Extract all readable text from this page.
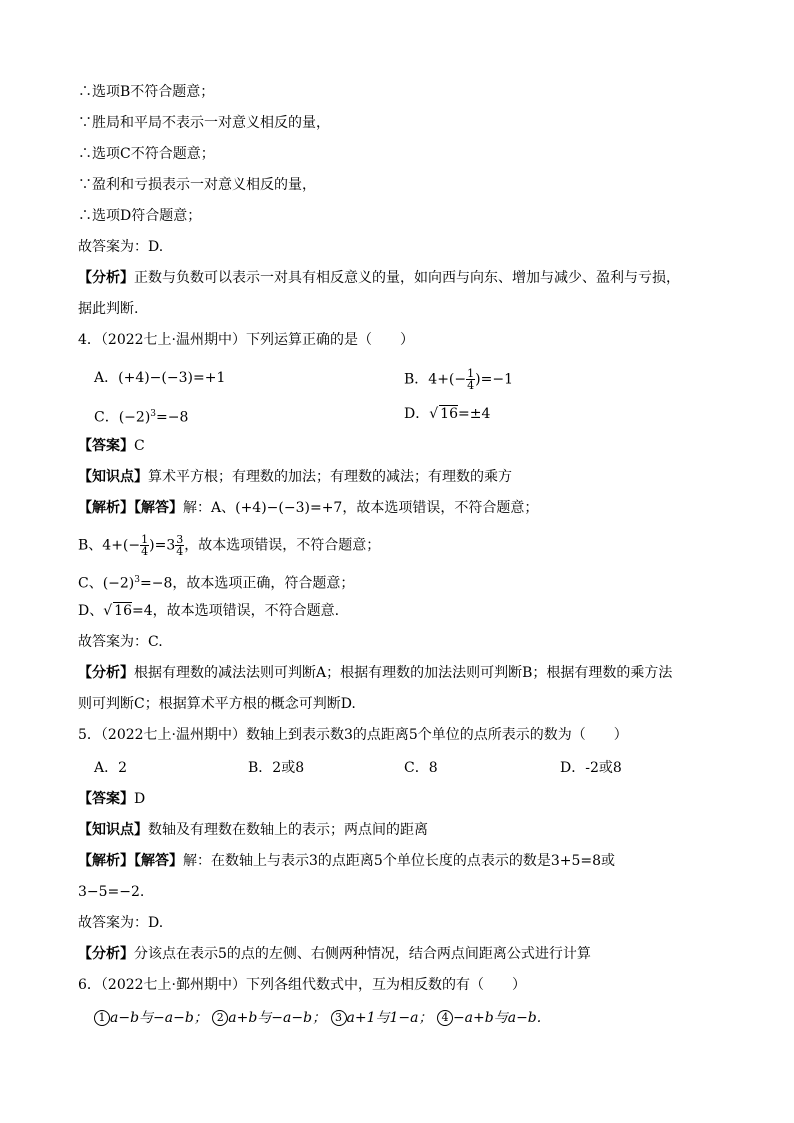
∴选项B不符合题意；
∵胜局和平局不表示一对意义相反的量，
∴选项C不符合题意；
∵盈利和亏损表示一对意义相反的量，
∴选项D符合题意；
故答案为：D.
【分析】正数与负数可以表示一对具有相反意义的量，如向西与向东、增加与减少、盈利与亏损，
据此判断.
4．（2022七上·温州期中）下列运算正确的是（　　）
A．(+4)−(−3)=+1	B．$4+(- \frac{1}{4} )=-1$
C．$(-2)^3=-8$	D．√ 16=±4
【答案】C
【知识点】算术平方根；有理数的加法；有理数的减法；有理数的乘方
【解析】【解答】解：A、(+4)−(−3)=+7，故本选项错误，不符合题意；
B、$4+(- \frac{1}{4} )=3 \frac{3}{4}$ ，故本选项错误，不符合题意；
C、$(-2)^3=-8$，故本选项正确，符合题意；
D、√ 16=4，故本选项错误，不符合题意.
故答案为：C.
【分析】根据有理数的减法法则可判断A；根据有理数的加法法则可判断B；根据有理数的乘方法
则可判断C；根据算术平方根的概念可判断D.
5．（2022七上·温州期中）数轴上到表示数3的点距离5个单位的点所表示的数为（　　）
A．2	B．2或8	C．8	D．-2或8
【答案】D
【知识点】数轴及有理数在数轴上的表示；两点间的距离
【解析】【解答】解：在数轴上与表示3的点距离5个单位长度的点表示的数是3+5=8或
3−5=−2.
故答案为：D.
【分析】分该点在表示5的点的左侧、右侧两种情况，结合两点间距离公式进行计算
6．（2022七上·鄞州期中）下列各组代数式中，互为相反数的有（　　）
1 a−b与−a−b； 2 a+b与−a−b； 3 a+1与1−a； 4 −a+b与a−b.
